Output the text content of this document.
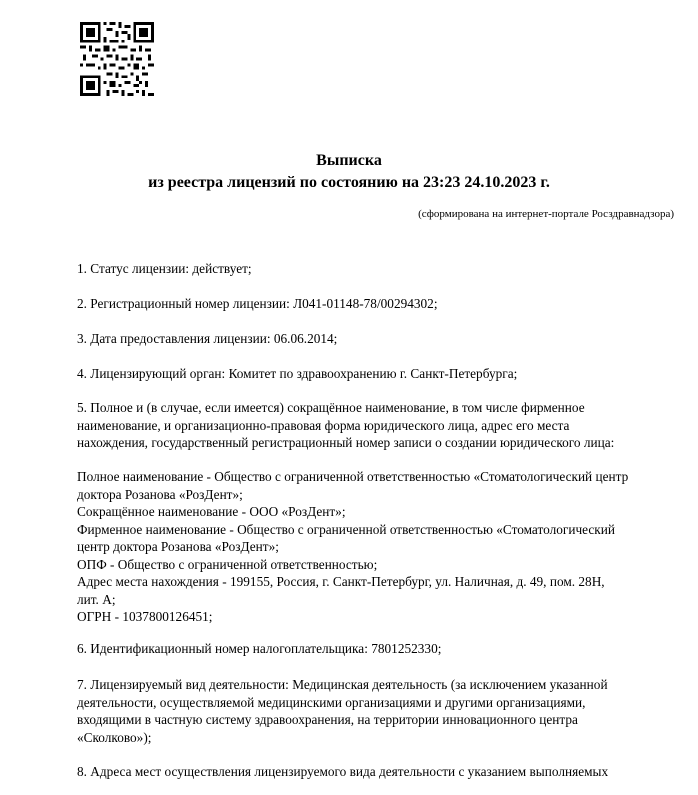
Выписка
из реестра лицензий по состоянию на 23:23 24.10.2023 г.
(сформирована на интернет-портале Росздравнадзора)
1. Статус лицензии: действует;
2. Регистрационный номер лицензии: Л041-01148-78/00294302;
3. Дата предоставления лицензии: 06.06.2014;
4. Лицензирующий орган: Комитет по здравоохранению г. Санкт-Петербурга;
5. Полное и (в случае, если имеется) сокращённое наименование, в том числе фирменное
наименование, и организационно-правовая форма юридического лица, адрес его места
нахождения, государственный регистрационный номер записи о создании юридического лица:
Полное наименование - Общество с ограниченной ответственностью «Стоматологический центр
доктора Розанова «РозДент»;
Сокращённое наименование - ООО «РозДент»;
Фирменное наименование - Общество с ограниченной ответственностью «Стоматологический
центр доктора Розанова «РозДент»;
ОПФ - Общество с ограниченной ответственностью;
Адрес места нахождения - 199155, Россия, г. Санкт-Петербург, ул. Наличная, д. 49, пом. 28Н,
лит. А;
ОГРН - 1037800126451;
6. Идентификационный номер налогоплательщика: 7801252330;
7. Лицензируемый вид деятельности: Медицинская деятельность (за исключением указанной
деятельности, осуществляемой медицинскими организациями и другими организациями,
входящими в частную систему здравоохранения, на территории инновационного центра
«Сколково»);
8. Адреса мест осуществления лицензируемого вида деятельности с указанием выполняемых
